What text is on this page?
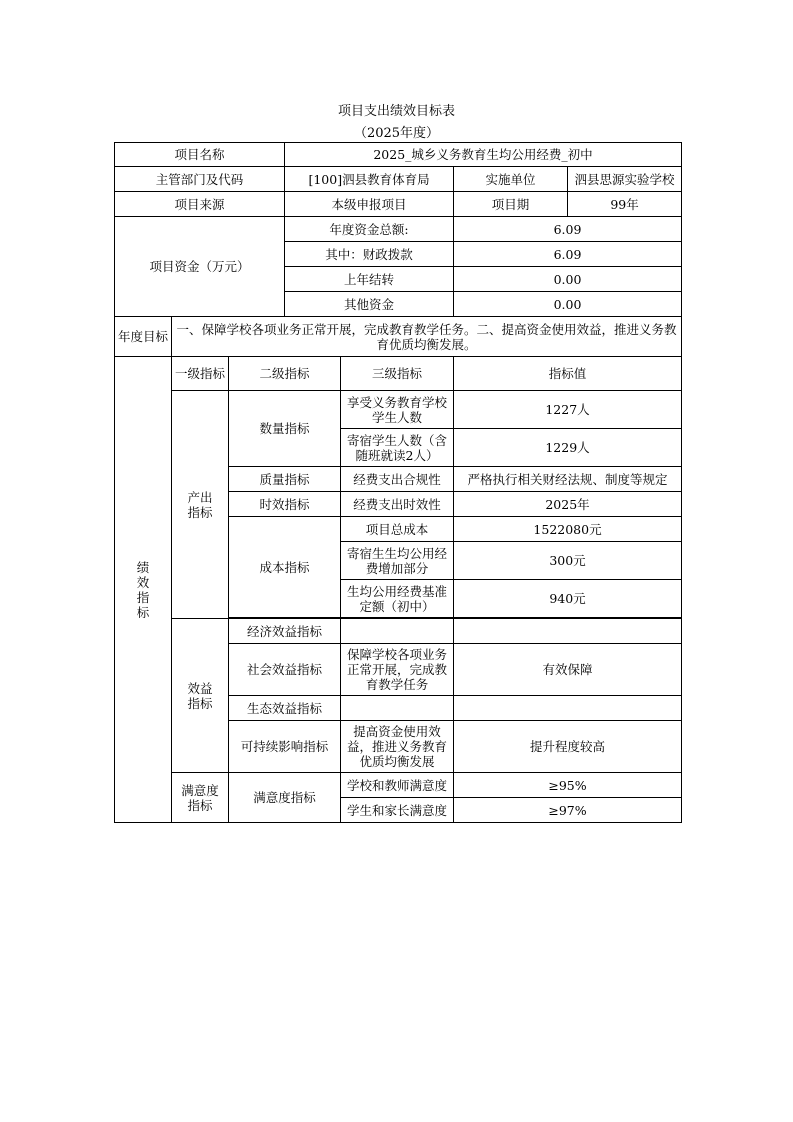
项目支出绩效目标表
（2025年度）
项目名称			2025_城乡义务教育生均公用经费_初中			
主管部门及代码			[100]泗县教育体育局		实施单位	泗县思源实验学校
项目来源			本级申报项目		项目期	99年
项目资金（万元）			年度资金总额:		6.09	
			其中：财政拨款		6.09	
			上年结转		0.00	
			其他资金		0.00	
年度目标	一、保障学校各项业务正常开展，完成教育教学任务。二、提高资金使用效益，推进义务教育优质均衡发展。					
绩效指标	一级指标	二级指标		三级指标	指标值	
	产出指标	数量指标		享受义务教育学校学生人数	1227人	
				寄宿学生人数（含随班就读2人）	1229人	
		质量指标		经费支出合规性	严格执行相关财经法规、制度等规定	
		时效指标		经费支出时效性	2025年	
		成本指标		项目总成本	1522080元	
				寄宿生生均公用经费增加部分	300元	
				生均公用经费基准定额（初中）	940元	

	效益指标	经济效益指标				
		社会效益指标		保障学校各项业务正常开展，完成教育教学任务	有效保障	
		生态效益指标				
		可持续影响指标		提高资金使用效益，推进义务教育优质均衡发展	提升程度较高	
	满意度指标	满意度指标		学校和教师满意度	≥95%	
				学生和家长满意度	≥97%	
